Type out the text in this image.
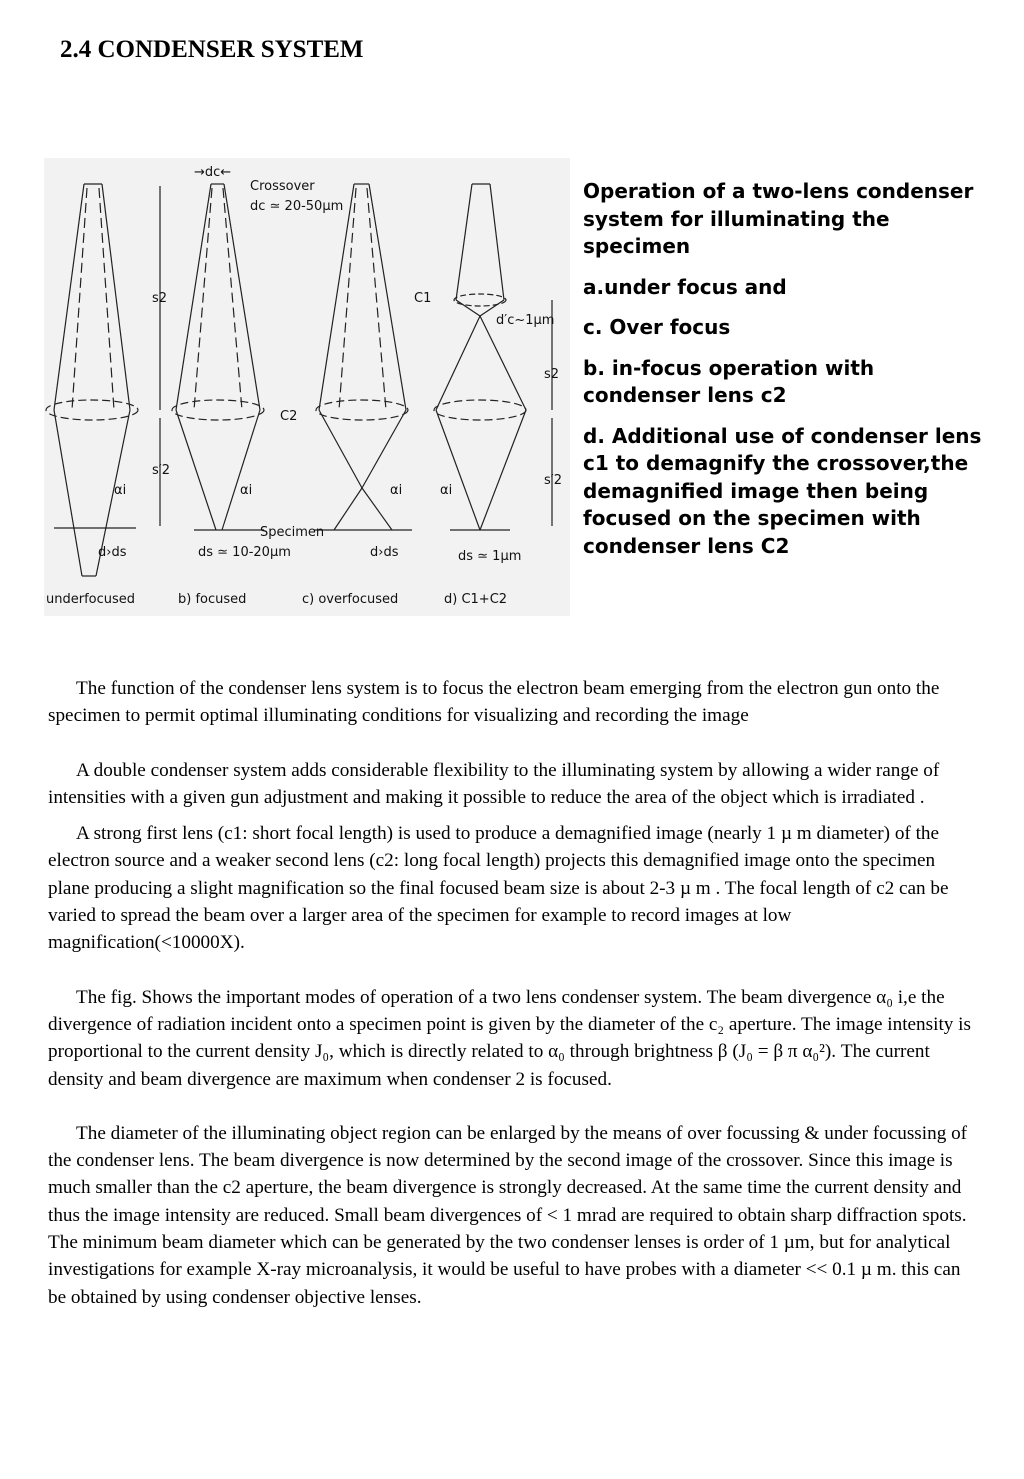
2.4 CONDENSER SYSTEM
→dc←
Crossover
dc ≃ 20-50µm
C1
C2
d′c~1µm
Specimen
s2
s′2
s2
s′2
αi	αi	αi	αi
d›ds	ds ≃ 10-20µm	d›ds	ds ≃ 1µm
underfocused	b) focused	c) overfocused	d) C1+C2

Operation of a two-lens condenser system for illuminating the specimen

a.under focus and

c. Over focus

b. in-focus operation with condenser lens c2

d. Additional use of condenser lens c1 to demagnify the crossover,the demagnified image then being focused on the specimen with condenser lens C2

The function of the condenser lens system is to focus the electron beam emerging from the electron gun onto the specimen to permit optimal illuminating conditions for visualizing and recording the image

A double condenser system adds considerable flexibility to the illuminating system by allowing a wider range of intensities with a given gun adjustment and making it possible to reduce the area of the object which is irradiated .

A strong first lens (c1: short focal length) is used to produce a demagnified image (nearly 1 µ m diameter) of the electron source and a weaker second lens (c2: long focal length) projects this demagnified image onto the specimen plane producing a slight magnification so the final focused beam size is about 2-3 µ m . The focal length of c2 can be varied to spread the beam over a larger area of the specimen for example to record images at low magnification(<10000X).

The fig. Shows the important modes of operation of a two lens condenser system. The beam divergence α₀ i,e the divergence of radiation incident onto a specimen point is given by the diameter of the c₂ aperture. The image intensity is proportional to the current density J₀, which is directly related to α₀ through brightness β (J₀ = β π α₀²). The current density and beam divergence are maximum when condenser 2 is focused.

The diameter of the illuminating object region can be enlarged by the means of over focussing & under focussing of the condenser lens. The beam divergence is now determined by the second image of the crossover. Since this image is much smaller than the c2 aperture, the beam divergence is strongly decreased. At the same time the current density and thus the image intensity are reduced. Small beam divergences of < 1 mrad are required to obtain sharp diffraction spots. The minimum beam diameter which can be generated by the two condenser lenses is order of 1 µm, but for analytical investigations for example X-ray microanalysis, it would be useful to have probes with a diameter << 0.1 µ m. this can be obtained by using condenser objective lenses.
